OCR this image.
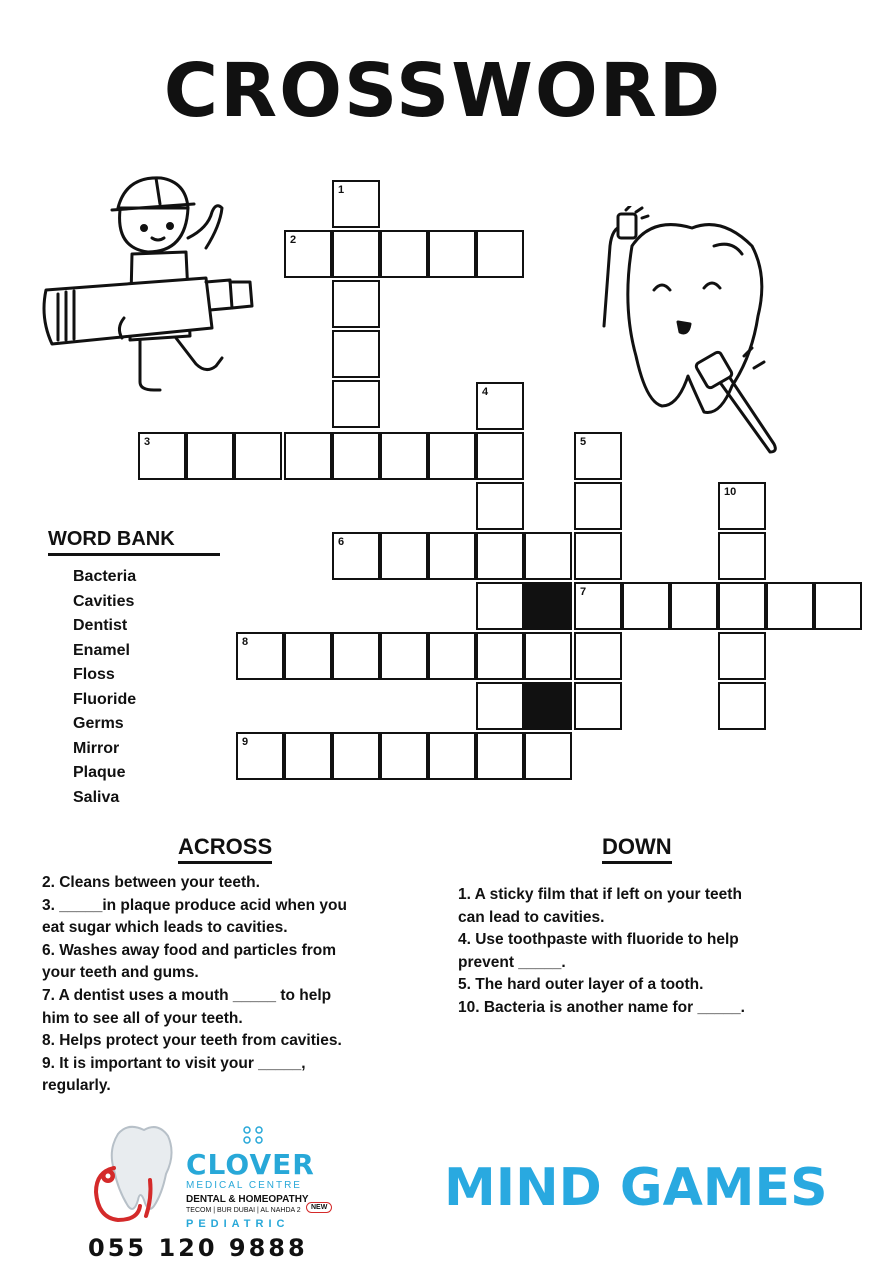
CROSSWORD
1
2
4
3	5
10
6
7
8
9
WORD BANK
Bacteria
Cavities
Dentist
Enamel
Floss
Fluoride
Germs
Mirror
Plaque
Saliva
ACROSS
2. Cleans between your teeth.
3. _____in plaque produce acid when you
eat sugar which leads to cavities.
6. Washes away food and particles from
your teeth and gums.
7. A dentist uses a mouth _____ to help
him to see all of your teeth.
8. Helps protect your teeth from cavities.
9. It is important to visit your _____,
regularly.
DOWN
1. A sticky film that if left on your teeth
can lead to cavities.
4. Use toothpaste with fluoride to help
prevent _____.
5. The hard outer layer of a tooth.
10. Bacteria is another name for _____.
CLOVER
MEDICAL CENTRE
DENTAL & HOMEOPATHY
TECOM | BUR DUBAI | AL NAHDA 2	NEW
PEDIATRIC
055 120 9888
MIND GAMES
